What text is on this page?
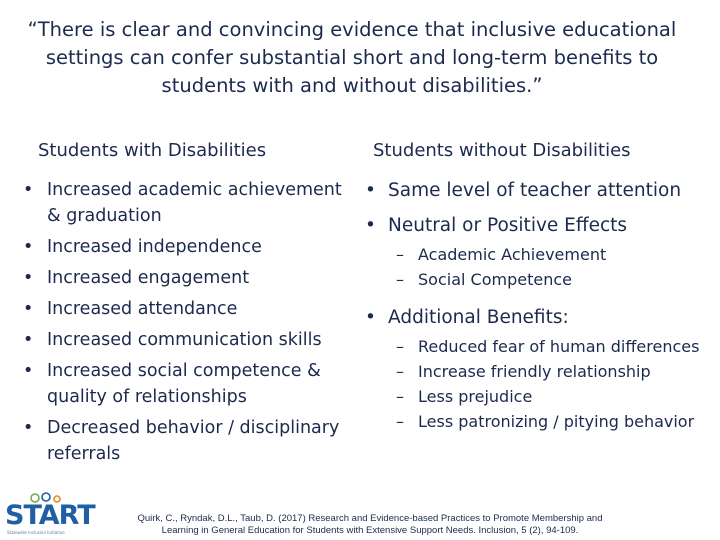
“There is clear and convincing evidence that inclusive educational settings can confer substantial short and long-term benefits to students with and without disabilities.”
Students with Disabilities	Students without Disabilities
• Increased academic achievement & graduation
• Increased independence
• Increased engagement
• Increased attendance
• Increased communication skills
• Increased social competence & quality of relationships
• Decreased behavior / disciplinary referrals
• Same level of teacher attention
• Neutral or Positive Effects
– Academic Achievement
– Social Competence
• Additional Benefits:
– Reduced fear of human differences
– Increase friendly relationship
– Less prejudice
– Less patronizing / pitying behavior
START
Statewide Inclusion Initiative
Quirk, C., Ryndak, D.L., Taub, D. (2017) Research and Evidence-based Practices to Promote Membership and
Learning in General Education for Students with Extensive Support Needs. Inclusion, 5 (2), 94-109.
